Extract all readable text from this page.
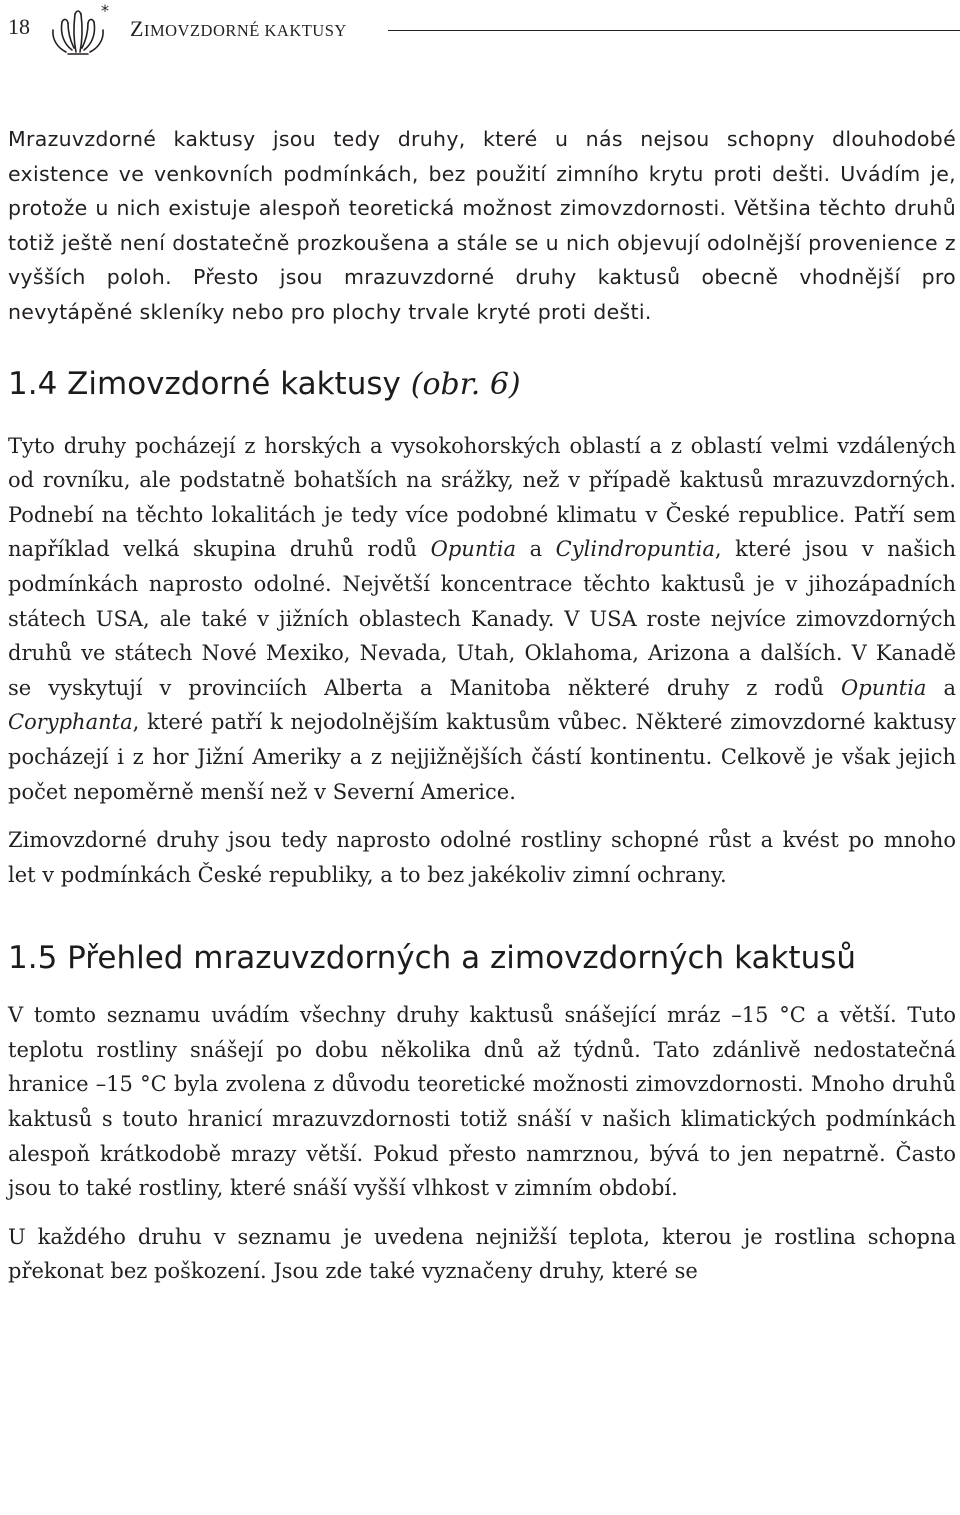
18
*
ZIMOVZDORNÉ KAKTUSY

Mrazuvzdorné kaktusy jsou tedy druhy, které u nás nejsou schopny dlouhodobé existence ve venkovních podmínkách, bez použití zimního krytu proti dešti. Uvádím je, protože u nich existuje alespoň teoretická možnost zimovzdornosti. Většina těchto druhů totiž ještě není dostatečně prozkoušena a stále se u nich objevují odolnější provenience z vyšších poloh. Přesto jsou mrazuvzdorné druhy kaktusů obecně vhodnější pro nevytápěné skleníky nebo pro plochy trvale kryté proti dešti.

1.4 Zimovzdorné kaktusy (obr. 6)

Tyto druhy pocházejí z horských a vysokohorských oblastí a z oblastí velmi vzdálených od rovníku, ale podstatně bohatších na srážky, než v případě kaktusů mrazuvzdorných. Podnebí na těchto lokalitách je tedy více podobné klimatu v České republice. Patří sem například velká skupina druhů rodů Opuntia a Cylindropuntia, které jsou v našich podmínkách naprosto odolné. Největší koncentrace těchto kaktusů je v jihozápadních státech USA, ale také v jižních oblastech Kanady. V USA roste nejvíce zimovzdorných druhů ve státech Nové Mexiko, Nevada, Utah, Oklahoma, Arizona a dalších. V Kanadě se vyskytují v provinciích Alberta a Manitoba některé druhy z rodů Opuntia a Coryphanta, které patří k nejodolnějším kaktusům vůbec. Některé zimovzdorné kaktusy pocházejí i z hor Jižní Ameriky a z nejjižnějších částí kontinentu. Celkově je však jejich počet nepoměrně menší než v Severní Americe.

Zimovzdorné druhy jsou tedy naprosto odolné rostliny schopné růst a kvést po mnoho let v podmínkách České republiky, a to bez jakékoliv zimní ochrany.

1.5 Přehled mrazuvzdorných a zimovzdorných kaktusů

V tomto seznamu uvádím všechny druhy kaktusů snášející mráz –15 °C a větší. Tuto teplotu rostliny snášejí po dobu několika dnů až týdnů. Tato zdánlivě nedostatečná hranice –15 °C byla zvolena z důvodu teoretické možnosti zimovzdornosti. Mnoho druhů kaktusů s touto hranicí mrazuvzdornosti totiž snáší v našich klimatických podmínkách alespoň krátkodobě mrazy větší. Pokud přesto namrznou, bývá to jen nepatrně. Často jsou to také rostliny, které snáší vyšší vlhkost v zimním období.

U každého druhu v seznamu je uvedena nejnižší teplota, kterou je rostlina schopna překonat bez poškození. Jsou zde také vyznačeny druhy, které se
